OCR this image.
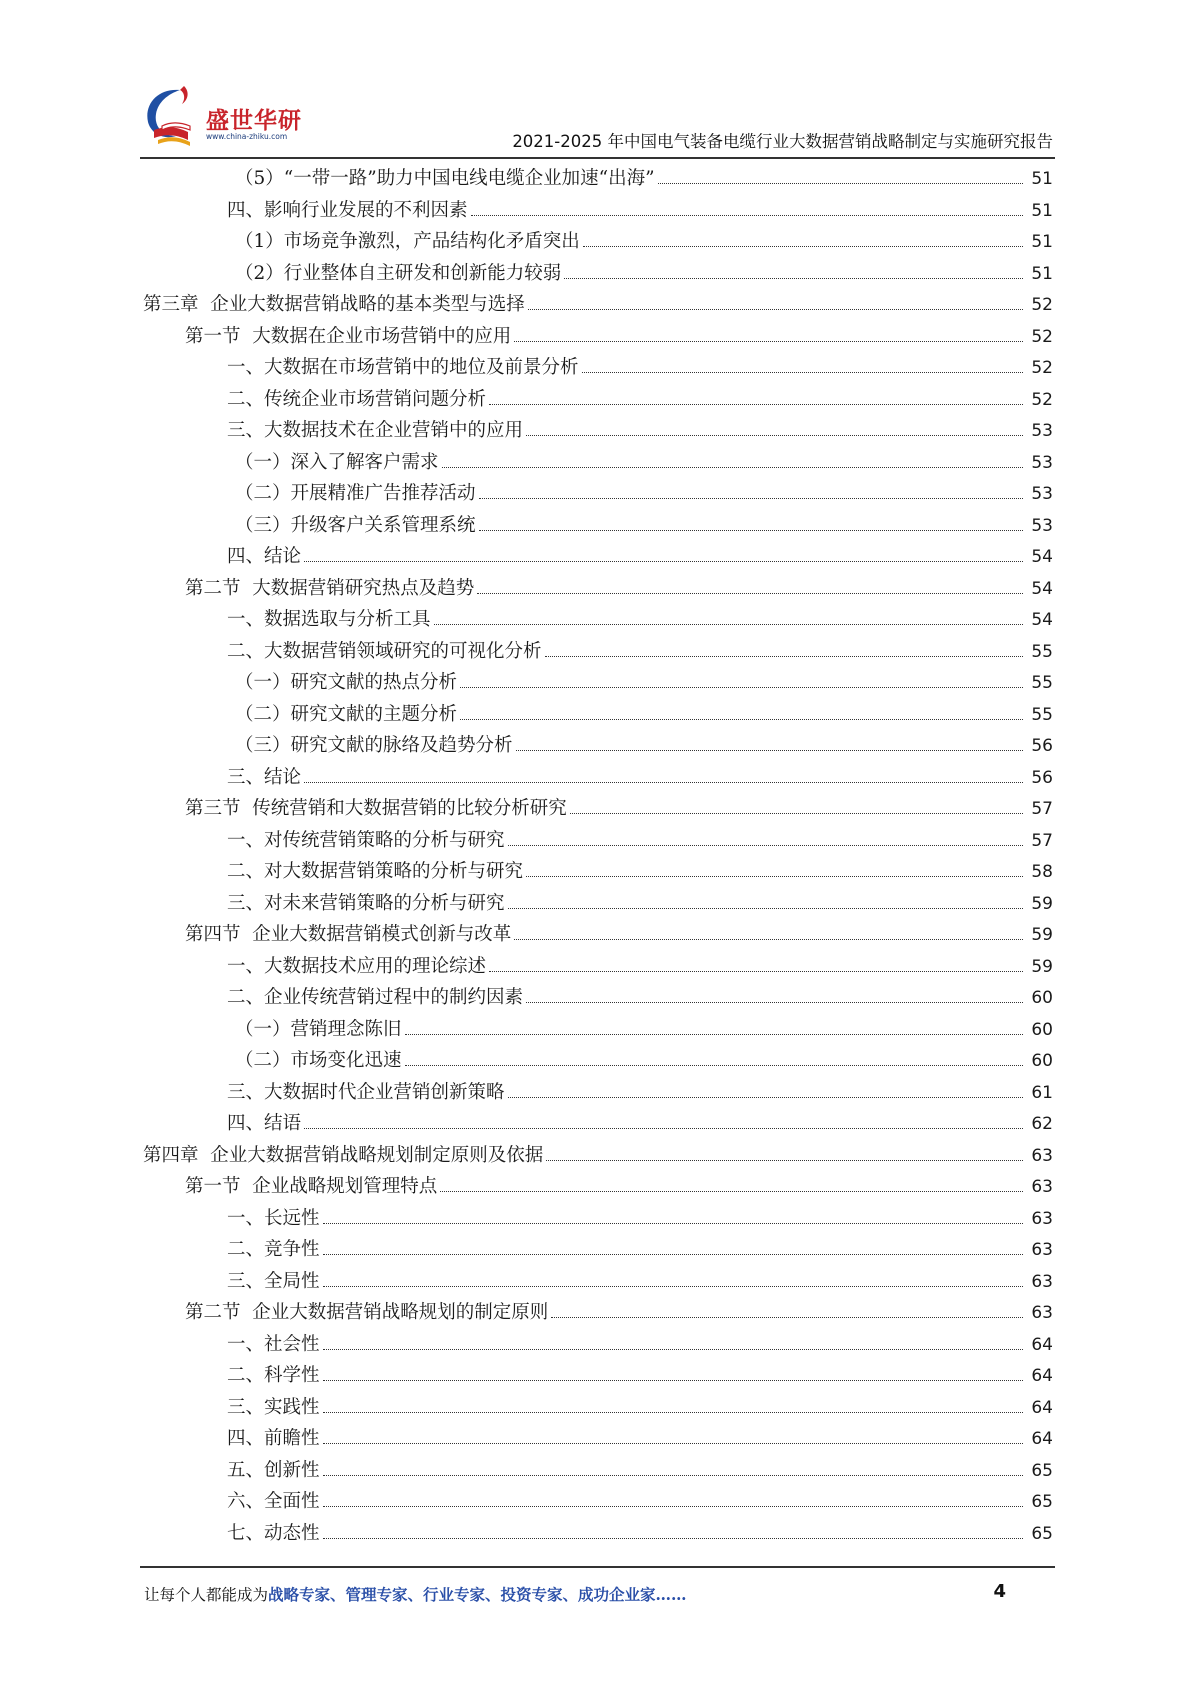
盛世华研
www.china-zhiku.com	2021-2025 年中国电气装备电缆行业大数据营销战略制定与实施研究报告
（5）“一带一路”助力中国电线电缆企业加速“出海”	51
四、影响行业发展的不利因素	51
（1）市场竞争激烈，产品结构化矛盾突出	51
（2）行业整体自主研发和创新能力较弱	51
第三章  企业大数据营销战略的基本类型与选择	52
第一节  大数据在企业市场营销中的应用	52
一、大数据在市场营销中的地位及前景分析	52
二、传统企业市场营销问题分析	52
三、大数据技术在企业营销中的应用	53
（一）深入了解客户需求	53
（二）开展精准广告推荐活动	53
（三）升级客户关系管理系统	53
四、结论	54
第二节  大数据营销研究热点及趋势	54
一、数据选取与分析工具	54
二、大数据营销领域研究的可视化分析	55
（一）研究文献的热点分析	55
（二）研究文献的主题分析	55
（三）研究文献的脉络及趋势分析	56
三、结论	56
第三节  传统营销和大数据营销的比较分析研究	57
一、对传统营销策略的分析与研究	57
二、对大数据营销策略的分析与研究	58
三、对未来营销策略的分析与研究	59
第四节  企业大数据营销模式创新与改革	59
一、大数据技术应用的理论综述	59
二、企业传统营销过程中的制约因素	60
（一）营销理念陈旧	60
（二）市场变化迅速	60
三、大数据时代企业营销创新策略	61
四、结语	62
第四章  企业大数据营销战略规划制定原则及依据	63
第一节  企业战略规划管理特点	63
一、长远性	63
二、竞争性	63
三、全局性	63
第二节  企业大数据营销战略规划的制定原则	63
一、社会性	64
二、科学性	64
三、实践性	64
四、前瞻性	64
五、创新性	65
六、全面性	65
七、动态性	65
让每个人都能成为战略专家、管理专家、行业专家、投资专家、成功企业家……	4
